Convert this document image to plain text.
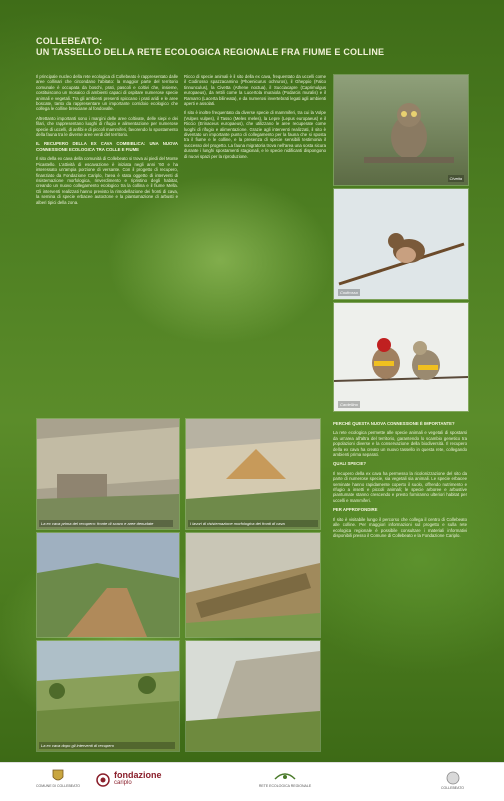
COLLEBEATO:
UN TASSELLO DELLA RETE ECOLOGICA REGIONALE FRA FIUME E COLLINE

Il principale nucleo della rete ecologica di Collebeato è rappresentato dalle aree collinari che circondano l'abitato: la maggior parte del territorio comunale è occupata da boschi, prati, pascoli e coltivi che, insieme, costituiscono un mosaico di ambienti capaci di ospitare numerose specie animali e vegetali. Tra gli ambienti presenti spiccano i prati aridi e le aree boscate, tanto da rappresentare un importante corridoio ecologico che collega le colline bresciane al fondovalle.

Altrettanto importanti sono i margini delle aree coltivate, delle siepi e dei filari, che rappresentano luoghi di rifugio e alimentazione per numerose specie di uccelli, di anfibi e di piccoli mammiferi, favorendo lo spostamento della fauna tra le diverse aree verdi del territorio.

IL RECUPERO DELLA EX CAVA COMBIBLICA: UNA NUOVA CONNESSIONE ECOLOGICA TRA COLLE E FIUME

Il sito della ex cava della comunità di Collebeato si trova ai piedi del Monte Picastello. L'attività di escavazione è iniziata negli anni '60 e ha interessato un'ampia porzione di versante. Con il progetto di recupero, finanziato da Fondazione Cariplo, l'area è stata oggetto di interventi di risistemazione morfologica, rinverdimento e ripristino degli habitat, creando un nuovo collegamento ecologico tra la collina e il fiume Mella. Gli interventi realizzati hanno previsto la rimodellazione dei fronti di cava, la semina di specie erbacee autoctone e la piantumazione di arbusti e alberi tipici della zona.

Ricco di specie animali è il sito della ex cava, frequentato da uccelli come il Codirosso spazzacamino (Phoenicurus ochruros), il Gheppio (Falco tinnunculus), la Civetta (Athene noctua), il Succiacapre (Caprimulgus europaeus), da rettili come la Lucertola muraiola (Podarcis muralis) e il Ramarro (Lacerta bilineata), e da numerosi invertebrati legati agli ambienti aperti e assolati.

Il sito è inoltre frequentato da diverse specie di mammiferi, tra cui la Volpe (Vulpes vulpes), il Tasso (Meles meles), la Lepre (Lepus europaeus) e il Riccio (Erinaceus europaeus), che utilizzano le aree recuperate come luoghi di rifugio e alimentazione. Grazie agli interventi realizzati, il sito è diventato un importante punto di collegamento per la fauna che si sposta tra il fiume e le colline, e la presenza di specie sensibili testimonia il successo del progetto. La fauna migratoria trova nell'area una sosta sicura durante i lunghi spostamenti stagionali, e le specie nidificanti dispongono di nuovi spazi per la riproduzione.

Civetta
Codirosso
Cardellino
La ex cava prima del recupero: fronte di scavo e aree denudate	I lavori di risistemazione morfologica dei fronti di cava
La ex cava dopo gli interventi di recupero

PERCHÉ QUESTA NUOVA CONNESSIONE È IMPORTANTE?

La rete ecologica permette alle specie animali e vegetali di spostarsi da un'area all'altra del territorio, garantendo lo scambio genetico tra popolazioni diverse e la conservazione della biodiversità. Il recupero della ex cava ha creato un nuovo tassello in questa rete, collegando ambienti prima separati.

QUALI SPECIE?

Il recupero della ex cava ha permesso la ricolonizzazione del sito da parte di numerose specie, sia vegetali sia animali. Le specie erbacee seminate hanno rapidamente coperto il suolo, offrendo nutrimento e rifugio a insetti e piccoli animali; le specie arboree e arbustive piantumate stanno crescendo e presto forniranno ulteriori habitat per uccelli e mammiferi.

PER APPROFONDIRE

Il sito è visitabile lungo il percorso che collega il centro di Collebeato alle colline. Per maggiori informazioni sul progetto e sulla rete ecologica regionale è possibile consultare i materiali informativi disponibili presso il Comune di Collebeato e la Fondazione Cariplo.

COMUNE DI COLLEBEATO
fondazione
cariplo	RETE ECOLOGICA REGIONALE	COLLEBEATO
